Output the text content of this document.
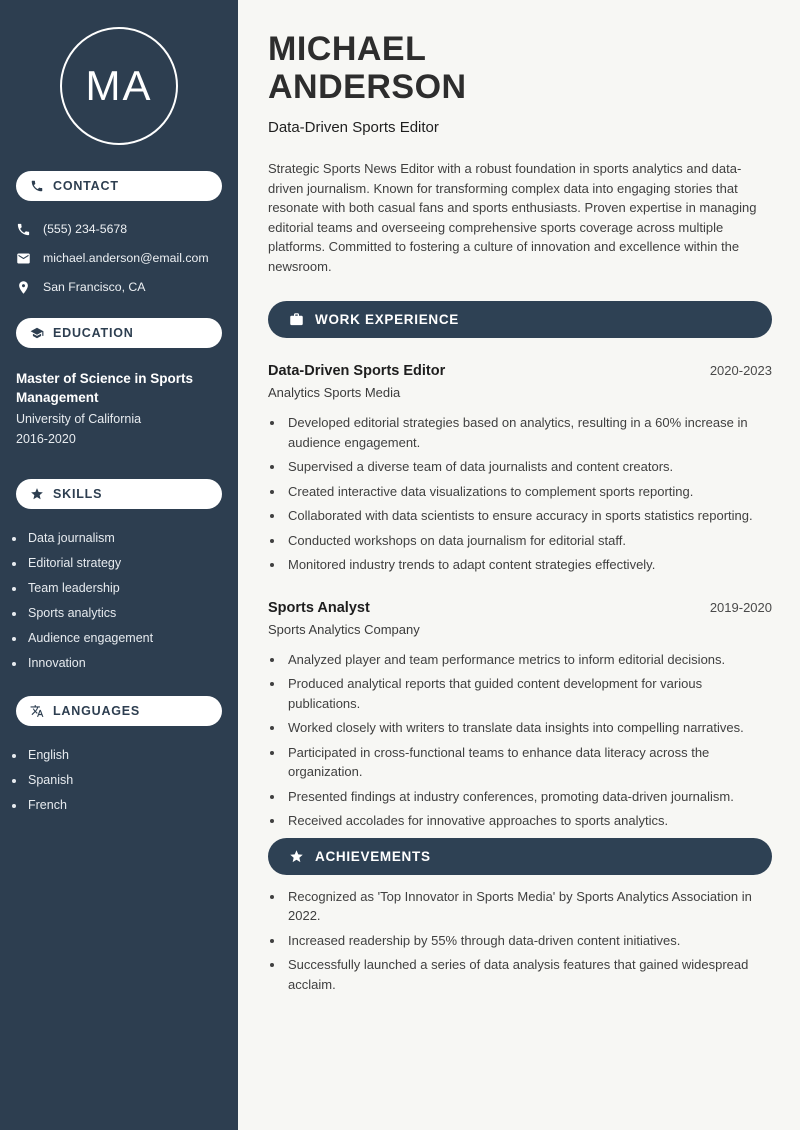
MA
CONTACT
(555) 234-5678
michael.anderson@email.com
San Francisco, CA
EDUCATION
Master of Science in Sports Management
University of California
2016-2020
SKILLS
• Data journalism
• Editorial strategy
• Team leadership
• Sports analytics
• Audience engagement
• Innovation
LANGUAGES
• English
• Spanish
• French
MICHAEL
ANDERSON
Data-Driven Sports Editor

Strategic Sports News Editor with a robust foundation in sports analytics and data-driven journalism. Known for transforming complex data into engaging stories that resonate with both casual fans and sports enthusiasts. Proven expertise in managing editorial teams and overseeing comprehensive sports coverage across multiple platforms. Committed to fostering a culture of innovation and excellence within the newsroom.

WORK EXPERIENCE
Data-Driven Sports Editor	2020-2023
Analytics Sports Media
• Developed editorial strategies based on analytics, resulting in a 60% increase in audience engagement.
• Supervised a diverse team of data journalists and content creators.
• Created interactive data visualizations to complement sports reporting.
• Collaborated with data scientists to ensure accuracy in sports statistics reporting.
• Conducted workshops on data journalism for editorial staff.
• Monitored industry trends to adapt content strategies effectively.
Sports Analyst	2019-2020
Sports Analytics Company
• Analyzed player and team performance metrics to inform editorial decisions.
• Produced analytical reports that guided content development for various publications.
• Worked closely with writers to translate data insights into compelling narratives.
• Participated in cross-functional teams to enhance data literacy across the organization.
• Presented findings at industry conferences, promoting data-driven journalism.
• Received accolades for innovative approaches to sports analytics.
ACHIEVEMENTS
• Recognized as 'Top Innovator in Sports Media' by Sports Analytics Association in 2022.
• Increased readership by 55% through data-driven content initiatives.
• Successfully launched a series of data analysis features that gained widespread acclaim.
